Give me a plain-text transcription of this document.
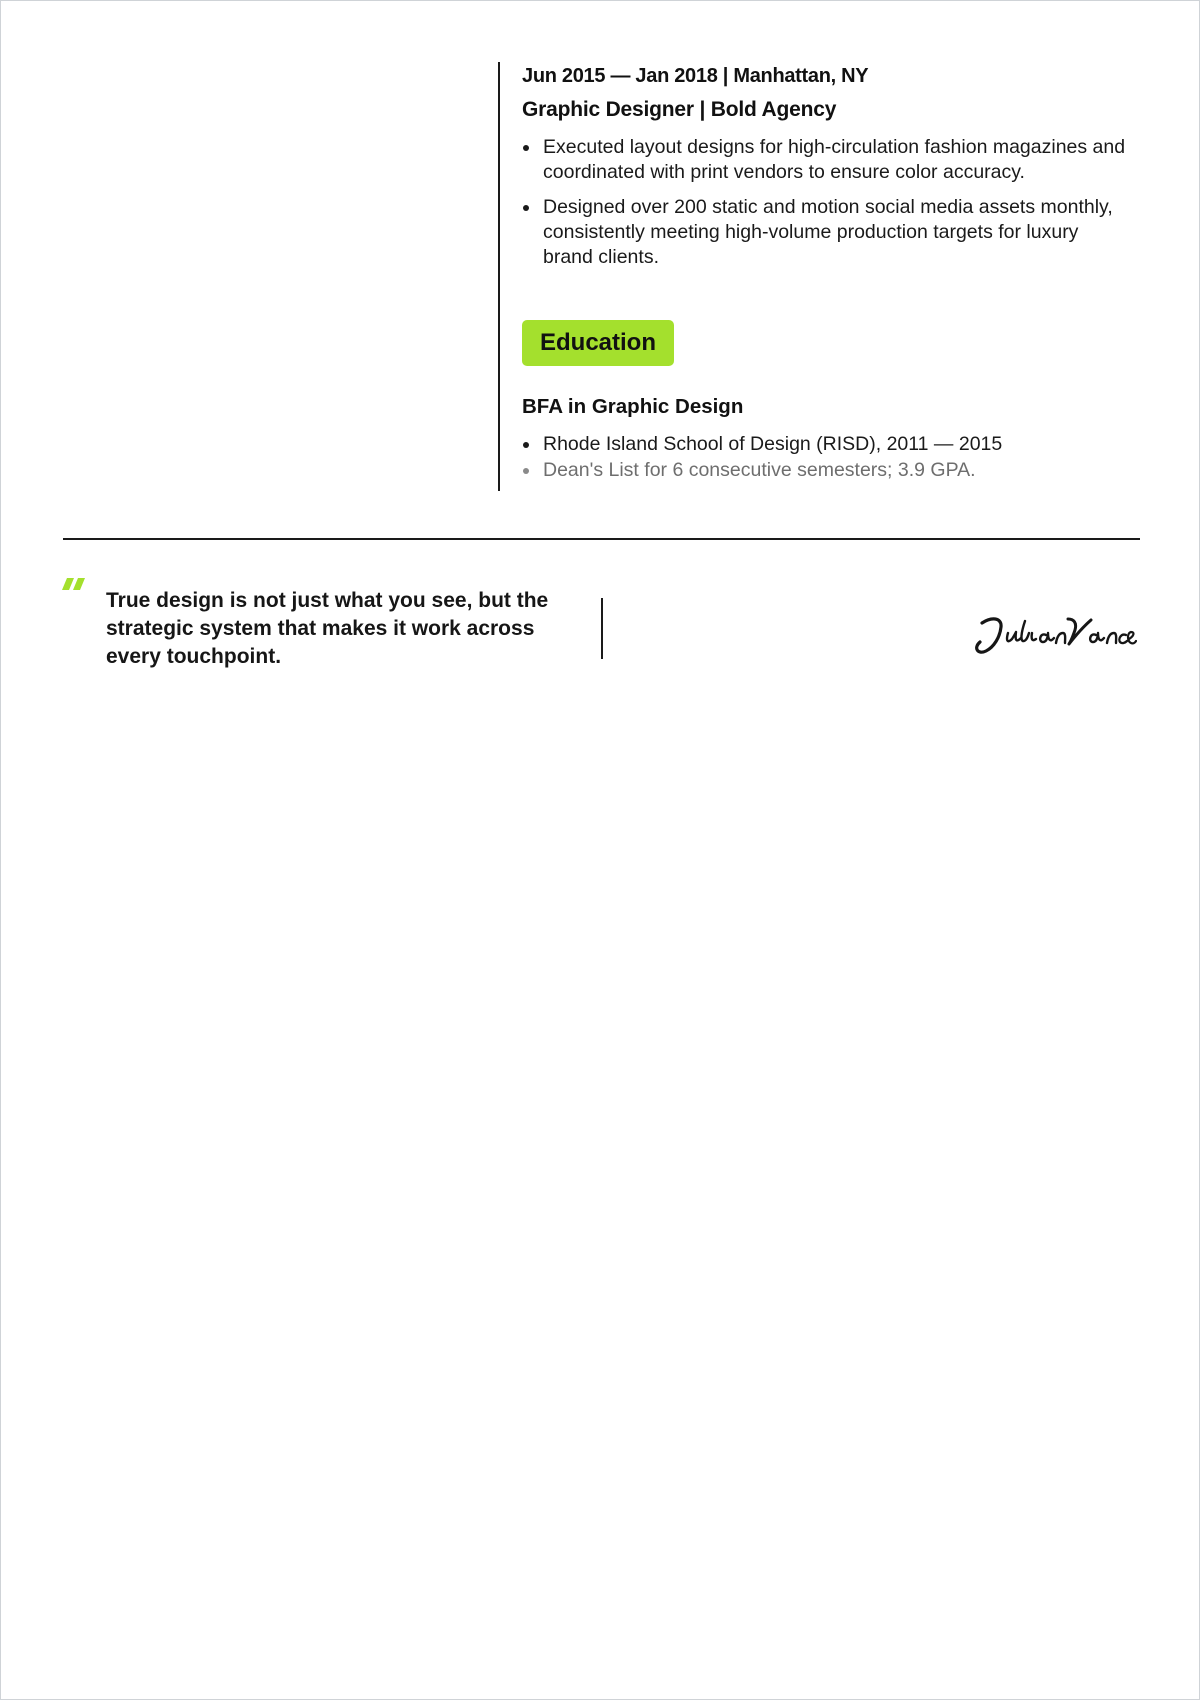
Jun 2015 — Jan 2018 | Manhattan, NY

Graphic Designer | Bold Agency

Executed layout designs for high-circulation fashion magazines and coordinated with print vendors to ensure color accuracy.
Designed over 200 static and motion social media assets monthly, consistently meeting high-volume production targets for luxury brand clients.
Education

BFA in Graphic Design

Rhode Island School of Design (RISD), 2011 — 2015
Dean's List for 6 consecutive semesters; 3.9 GPA.

True design is not just what you see, but the strategic system that makes it work across every touchpoint.
